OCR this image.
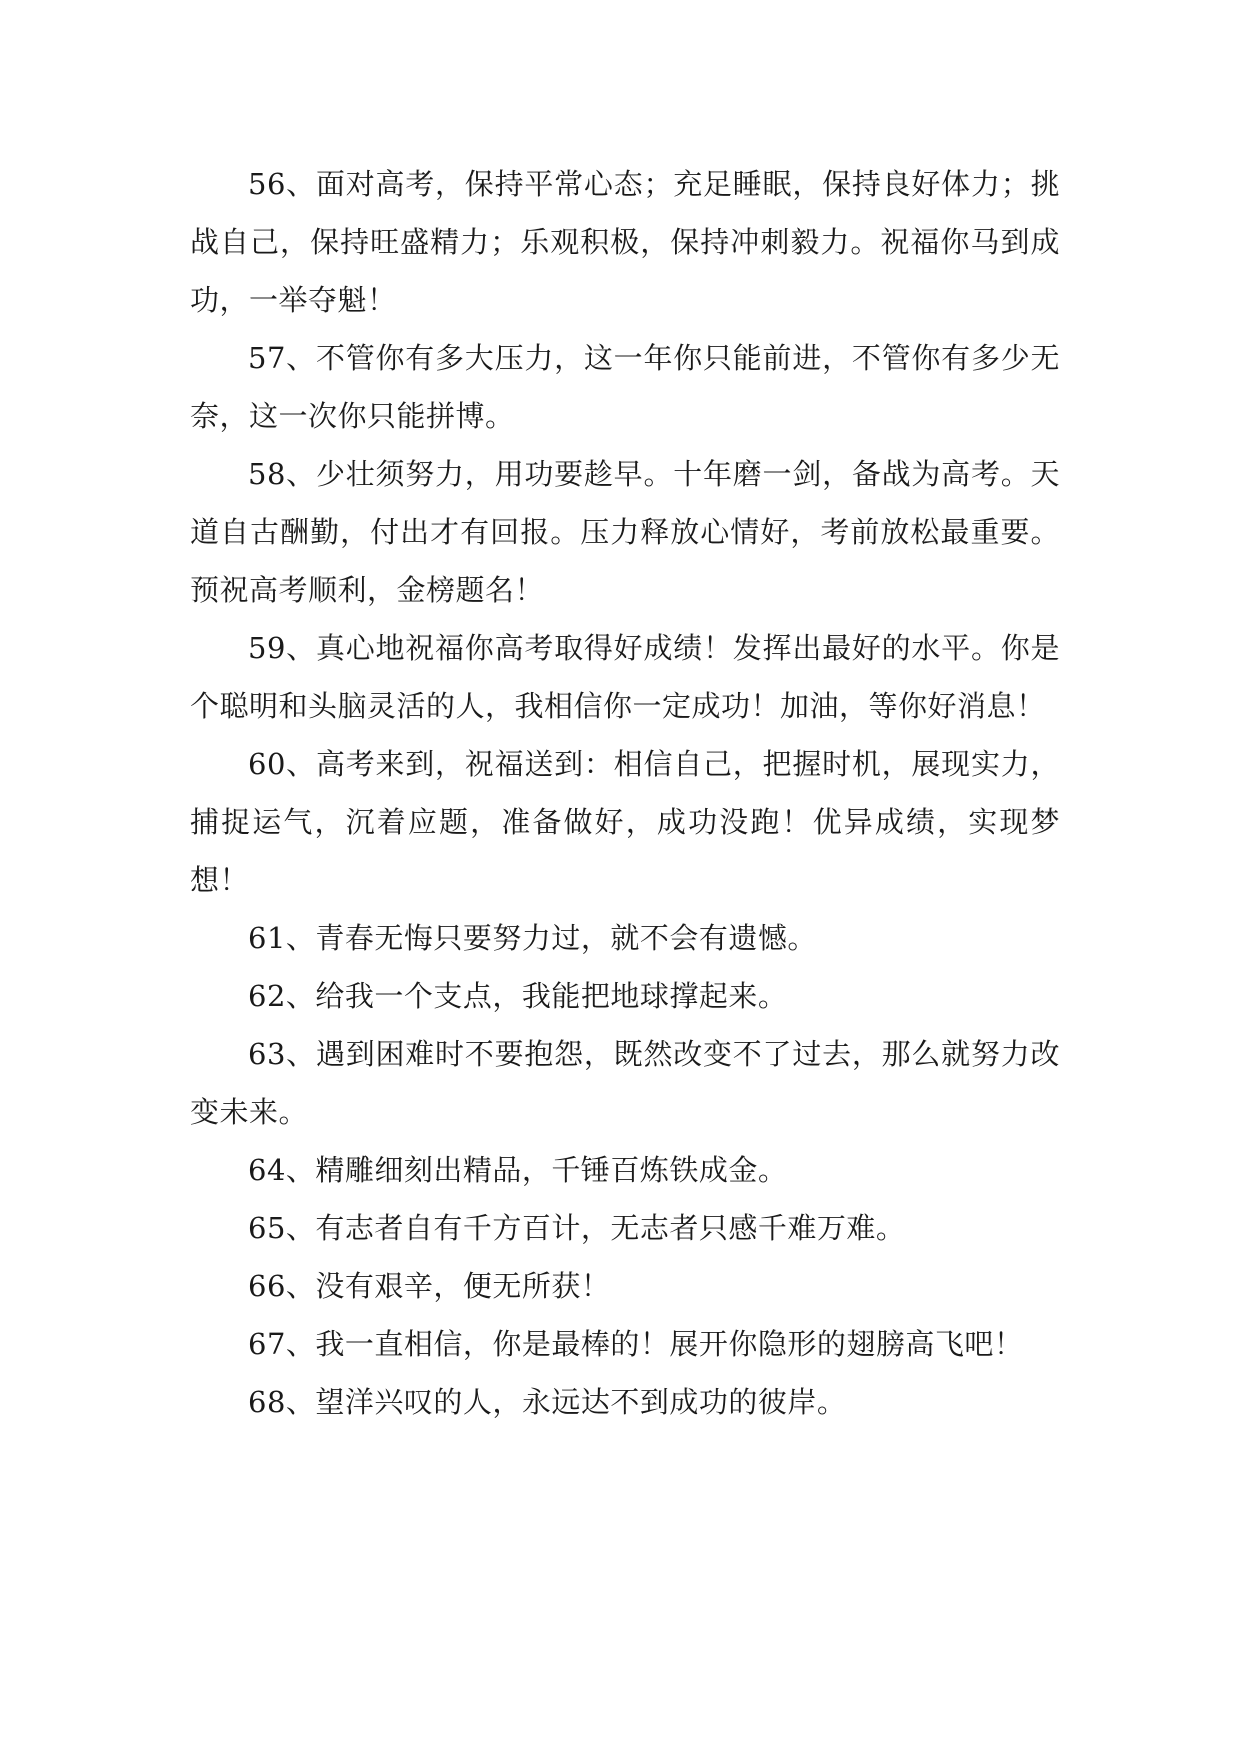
56、面对高考，保持平常心态；充足睡眠，保持良好体力；挑战自己，保持旺盛精力；乐观积极，保持冲刺毅力。祝福你马到成功，一举夺魁！

57、不管你有多大压力，这一年你只能前进，不管你有多少无奈，这一次你只能拼博。

58、少壮须努力，用功要趁早。十年磨一剑，备战为高考。天道自古酬勤，付出才有回报。压力释放心情好，考前放松最重要。预祝高考顺利，金榜题名！

59、真心地祝福你高考取得好成绩！发挥出最好的水平。你是个聪明和头脑灵活的人，我相信你一定成功！加油，等你好消息！

60、高考来到，祝福送到：相信自己，把握时机，展现实力，捕捉运气，沉着应题，准备做好，成功没跑！优异成绩，实现梦想！

61、青春无悔只要努力过，就不会有遗憾。

62、给我一个支点，我能把地球撑起来。

63、遇到困难时不要抱怨，既然改变不了过去，那么就努力改变未来。

64、精雕细刻出精品，千锤百炼铁成金。

65、有志者自有千方百计，无志者只感千难万难。

66、没有艰辛，便无所获！

67、我一直相信，你是最棒的！展开你隐形的翅膀高飞吧！

68、望洋兴叹的人，永远达不到成功的彼岸。
